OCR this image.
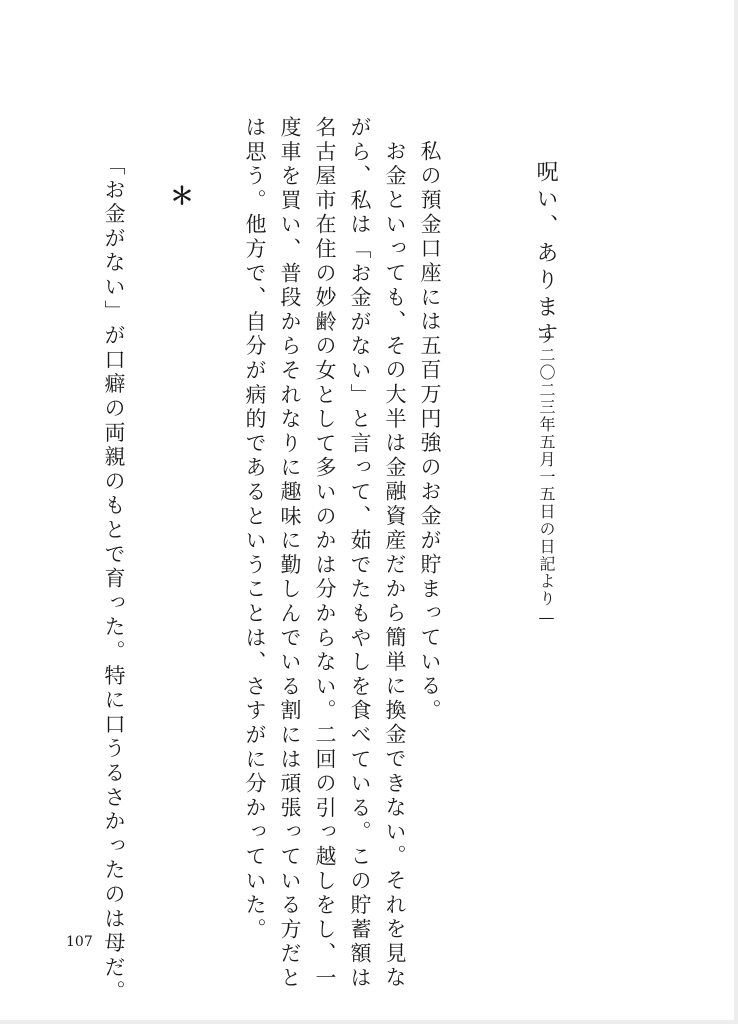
呪い、あります
—二〇二三年五月一五日の日記より—
私の預金口座には五百万円強のお金が貯まっている。
お金といっても、その大半は金融資産だから簡単に換金できない。それを見な
がら、私は「お金がない」と言って、茹でたもやしを食べている。この貯蓄額は
名古屋市在住の妙齢の女として多いのかは分からない。二回の引っ越しをし、一
度車を買い、普段からそれなりに趣味に勤しんでいる割には頑張っている方だと
は思う。他方で、自分が病的であるということは、さすがに分かっていた。
＊
「お金がない」が口癖の両親のもとで育った。特に口うるさかったのは母だ。
107
